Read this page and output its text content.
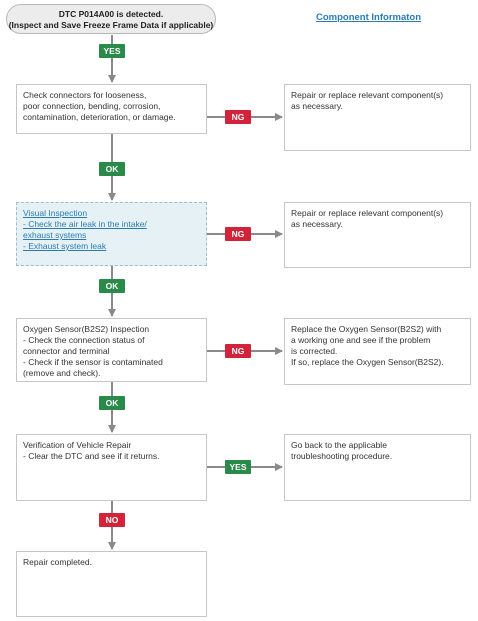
DTC P014A00 is detected.
(Inspect and Save Freeze Frame Data if applicable)
Component Informaton
Check connectors for looseness,
poor connection, bending, corrosion,
contamination, deterioration, or damage.
Visual Inspection
- Check the air leak in the intake/
exhaust systems
- Exhaust system leak
Oxygen Sensor(B2S2) Inspection
- Check the connection status of
connector and terminal
- Check if the sensor is contaminated
(remove and check).
Verification of Vehicle Repair
- Clear the DTC and see if it returns.
Repair completed.
Repair or replace relevant component(s)
as necessary.
Repair or replace relevant component(s)
as necessary.
Replace the Oxygen Sensor(B2S2) with
a working one and see if the problem
is corrected.
If so, replace the Oxygen Sensor(B2S2).
Go back to the applicable
troubleshooting procedure.
YES
OK
OK
OK
NO
NG
NG
NG
YES
